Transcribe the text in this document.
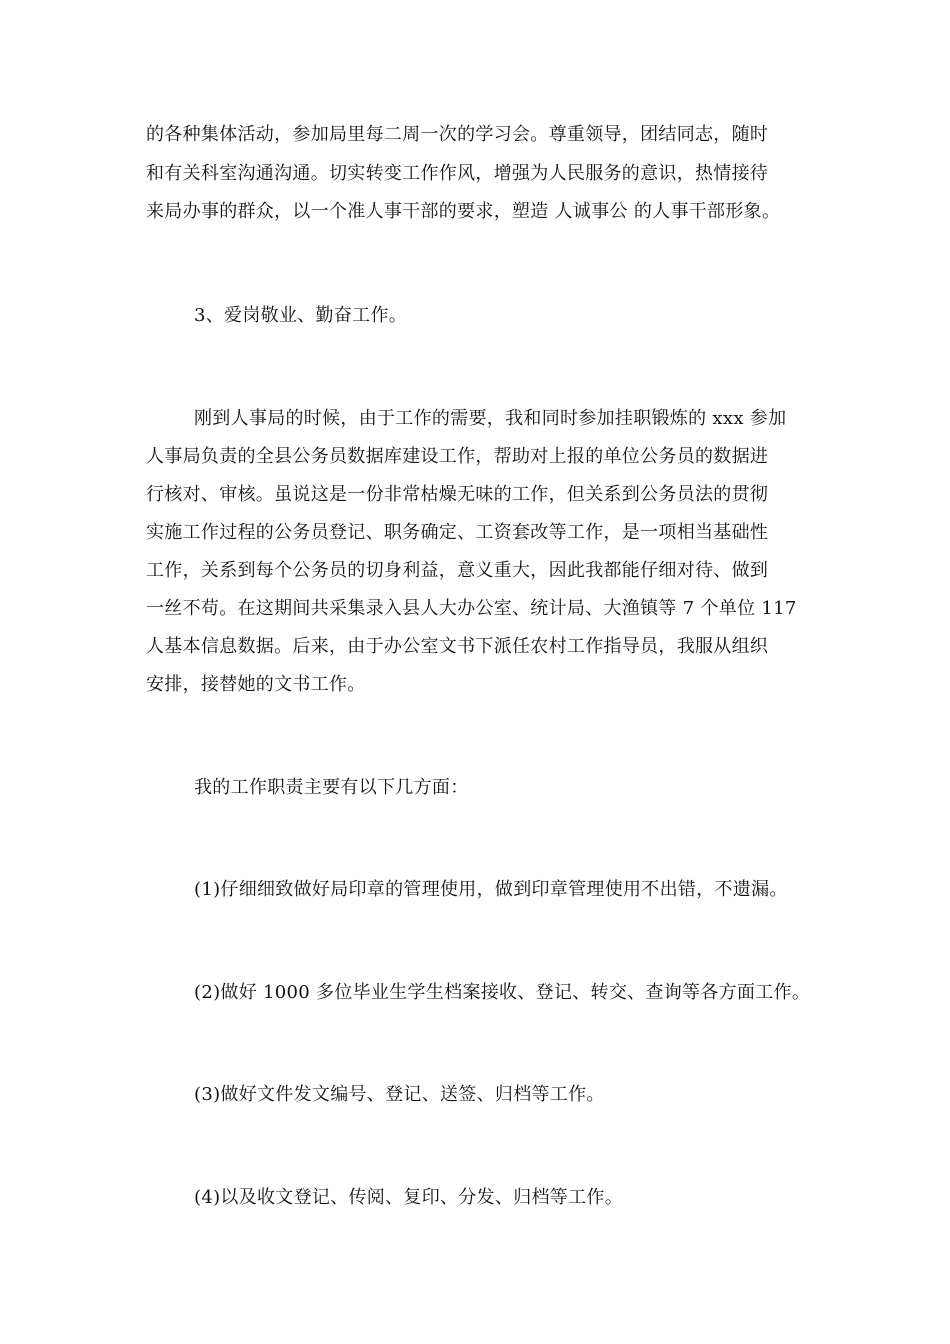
的各种集体活动，参加局里每二周一次的学习会。尊重领导，团结同志，随时
和有关科室沟通沟通。切实转变工作作风，增强为人民服务的意识，热情接待
来局办事的群众，以一个准人事干部的要求，塑造 人诚事公 的人事干部形象。
3、爱岗敬业、勤奋工作。
刚到人事局的时候，由于工作的需要，我和同时参加挂职锻炼的 xxx 参加
人事局负责的全县公务员数据库建设工作，帮助对上报的单位公务员的数据进
行核对、审核。虽说这是一份非常枯燥无味的工作，但关系到公务员法的贯彻
实施工作过程的公务员登记、职务确定、工资套改等工作，是一项相当基础性
工作，关系到每个公务员的切身利益，意义重大，因此我都能仔细对待、做到
一丝不苟。在这期间共采集录入县人大办公室、统计局、大渔镇等 7 个单位 117
人基本信息数据。后来，由于办公室文书下派任农村工作指导员，我服从组织
安排，接替她的文书工作。
我的工作职责主要有以下几方面：
(1)仔细细致做好局印章的管理使用，做到印章管理使用不出错，不遗漏。
(2)做好 1000 多位毕业生学生档案接收、登记、转交、查询等各方面工作。
(3)做好文件发文编号、登记、送签、归档等工作。
(4)以及收文登记、传阅、复印、分发、归档等工作。
